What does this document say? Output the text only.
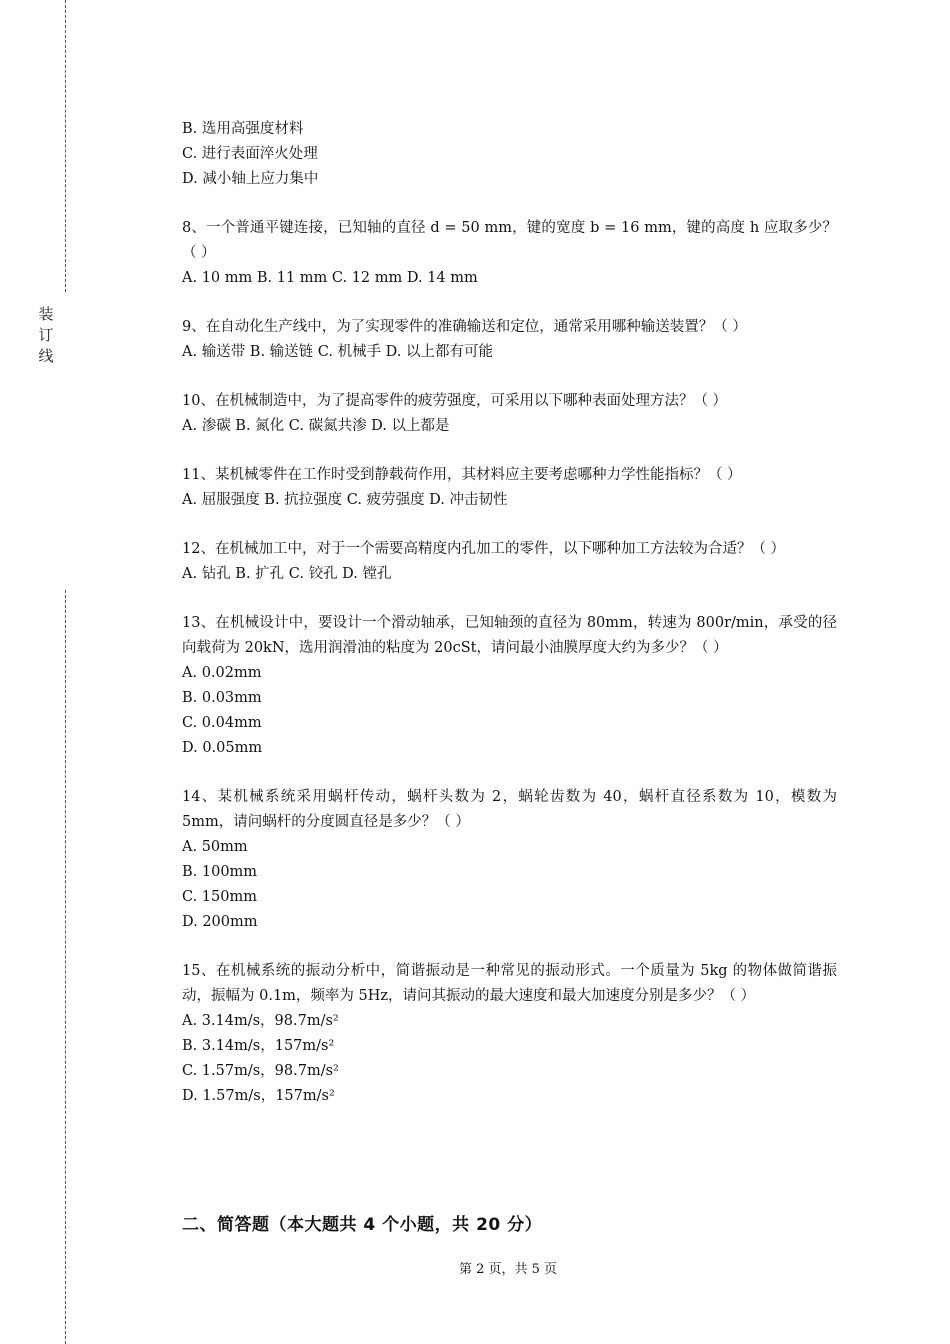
装
订
线
B. 选用高强度材料
C. 进行表面淬火处理
D. 减小轴上应力集中
8、一个普通平键连接，已知轴的直径 d = 50 mm，键的宽度 b = 16 mm，键的高度 h 应取多少？（ ）
A. 10 mm B. 11 mm C. 12 mm D. 14 mm
9、在自动化生产线中，为了实现零件的准确输送和定位，通常采用哪种输送装置？（ ）
A. 输送带 B. 输送链 C. 机械手 D. 以上都有可能
10、在机械制造中，为了提高零件的疲劳强度，可采用以下哪种表面处理方法？（ ）
A. 渗碳 B. 氮化 C. 碳氮共渗 D. 以上都是
11、某机械零件在工作时受到静载荷作用，其材料应主要考虑哪种力学性能指标？（ ）
A. 屈服强度 B. 抗拉强度 C. 疲劳强度 D. 冲击韧性
12、在机械加工中，对于一个需要高精度内孔加工的零件，以下哪种加工方法较为合适？（ ）
A. 钻孔 B. 扩孔 C. 铰孔 D. 镗孔
13、在机械设计中，要设计一个滑动轴承，已知轴颈的直径为 80mm，转速为 800r/min，承受的径向载荷为 20kN，选用润滑油的粘度为 20cSt，请问最小油膜厚度大约为多少？（ ）
A. 0.02mm
B. 0.03mm
C. 0.04mm
D. 0.05mm
14、某机械系统采用蜗杆传动，蜗杆头数为 2，蜗轮齿数为 40，蜗杆直径系数为 10，模数为 5mm，请问蜗杆的分度圆直径是多少？（ ）
A. 50mm
B. 100mm
C. 150mm
D. 200mm
15、在机械系统的振动分析中，简谐振动是一种常见的振动形式。一个质量为 5kg 的物体做简谐振动，振幅为 0.1m，频率为 5Hz，请问其振动的最大速度和最大加速度分别是多少？（ ）
A. 3.14m/s，98.7m/s²
B. 3.14m/s，157m/s²
C. 1.57m/s，98.7m/s²
D. 1.57m/s，157m/s²
二、简答题（本大题共 4 个小题，共 20 分）
第 2 页，共 5 页
